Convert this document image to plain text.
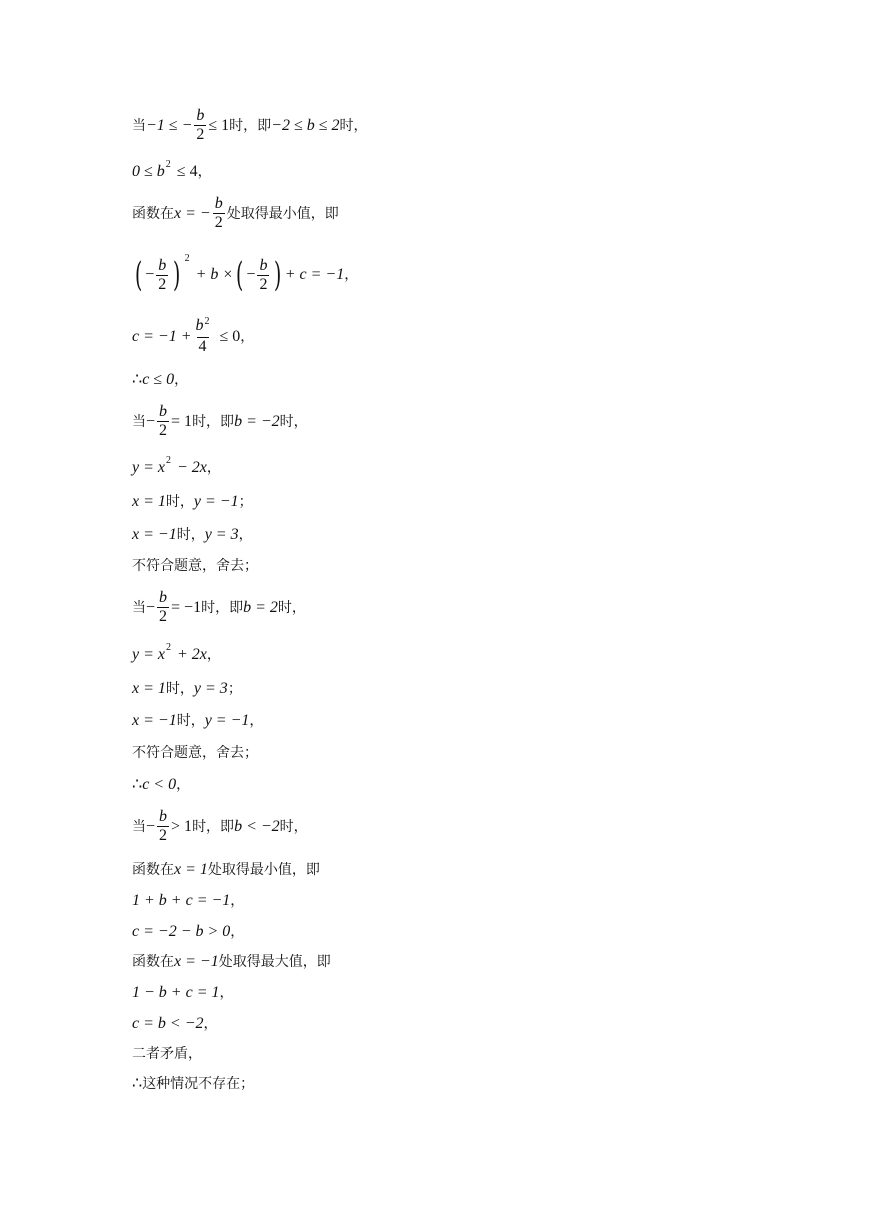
当 −1 ≤ − $\frac{b}{2} \le 1$ 时，即 −2 ≤ b ≤ 2 时，
0 ≤ b 2 ≤ 4 ，
函数在 x = − $\frac{b}{2}$ 处取得最小值，即
( − $\frac{b}{2}$ ) 2
+ b × ( − $\frac{b}{2}$ ) + c = −1 ，
$c = -1 + \frac{b^2}{4} \le 0$ ，
∴ c ≤ 0 ，
当 − $\frac{b}{2} = 1$ 时，即 b = −2 时，
y = x 2 − 2x ，
x = 1 时， y = −1 ；
x = −1 时， y = 3 ，
不符合题意，舍去；
当 − $\frac{b}{2} = -1$ 时，即 b = 2 时，
y = x 2 + 2x ，
x = 1 时， y = 3 ；
x = −1 时， y = −1 ，
不符合题意，舍去；
∴ c < 0 ，
当 − $\frac{b}{2} > 1$ 时，即 b < −2 时，
函数在 x = 1 处取得最小值，即
1 + b + c = −1 ，
c = −2 − b > 0 ，
函数在 x = −1 处取得最大值，即
1 − b + c = 1 ，
c = b < −2 ，
二者矛盾，
∴ 这种情况不存在；
